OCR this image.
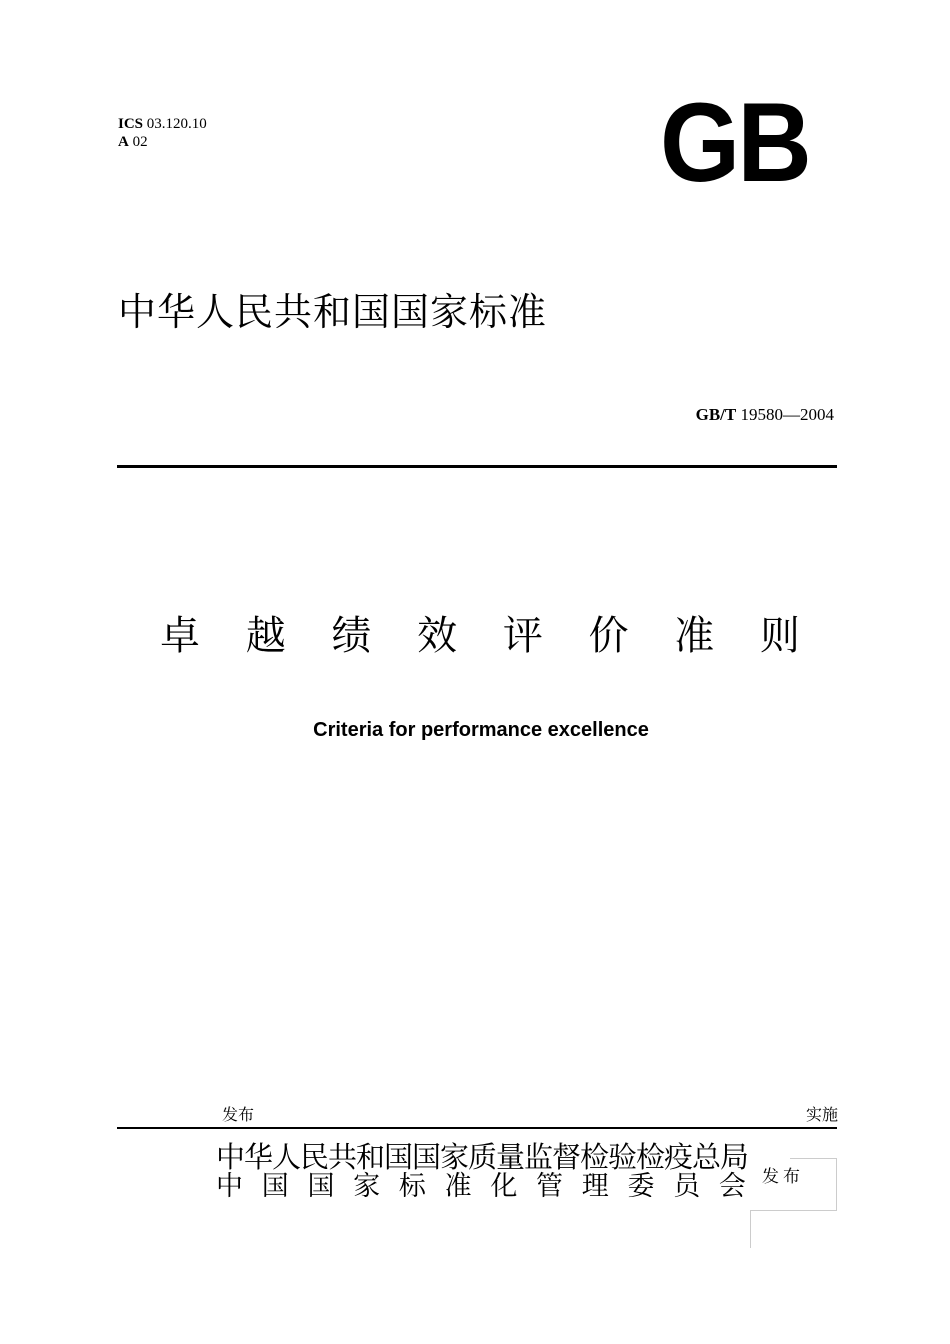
ICS 03.120.10
A 02	GB
中华人民共和国国家标准
GB/T 19580—2004
卓 越 绩 效 评 价 准 则
Criteria for performance excellence
发布	实施
中华人民共和国国家质量监督检验检疫总局
中 国 国 家 标 准 化 管 理 委 员 会 发布
